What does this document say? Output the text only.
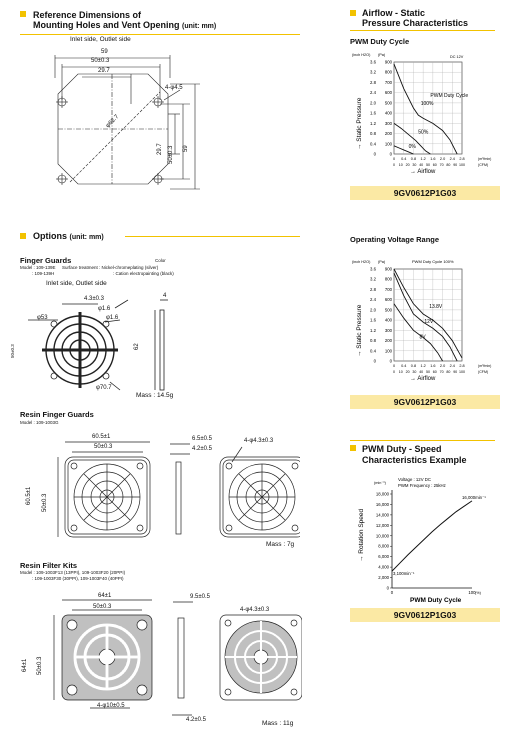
Reference Dimensions of
Mounting Holes and Vent Opening (unit: mm)
Inlet side, Outlet side
59
50±0.3
29.7
4-φ4.5
φ62.7
29.7 50±0.3 59
Options (unit: mm)
Finger Guards	Color
Model : 109-139E Surface treatment : Nickel-chromeplating (silver)
: 109-139H	: Cation electropainting (black)
Inlet side, Outlet side
4.3±0.3	4
φ1.6
φ53	φ1.6
50±0.3	62
φ70.7
Mass : 14.5g
Resin Finger Guards
Model : 109-1003G
60.5±1
50±0.3
60.5±1 50±0.3
6.5±0.5
4.2±0.5
4-φ4.3±0.3
Mass : 7g
Resin Filter Kits
Model : 109-1003F13 (13PPI), 109-1003F20 (20PPI)
: 109-1003F30 (30PPI), 109-1003F40 (40PPI)
64±1
50±0.3
64±1 50±0.3
9.5±0.5
4-φ4.3±0.3
4-φ10±0.5
4.2±0.5	Mass : 11g
Airflow - Static
Pressure Characteristics
PWM Duty Cycle
(inch H2O) (Pa)	DC 12V
3.6 900
3.2 800
2.8 700
2.4 600
2.0 500
1.6 400
1.2 300
0.8 200
0.4 100
0	0
0 0.4 0.8 1.2 1.6 2.0 2.4 2.8
0 10 20 30 40 50 60 70 80 90 100
(m³/min)
(CFM)
→ Airflow
→ Static Pressure
PWM Duty Cycle
100%
50%
0%
9GV0612P1G03
Operating Voltage Range
(inch H2O) (Pa)	PWM Duty Cycle 100%
3.6 900
3.2 800
2.8 700
2.4 600
2.0 500
1.6 400
1.2 300
0.8 200
0.4 100
0	0
0 0.4 0.8 1.2 1.6 2.0 2.4 2.8
0 10 20 30 40 50 60 70 80 90 100
(m³/min)
(CFM)
→ Airflow
→ Static Pressure	13.8V
12V
8V
9GV0612P1G03
PWM Duty - Speed
Characteristics Example
(min⁻¹)
Voltage : 12V DC
PWM Frequency : 25kHz
18,000
16,000
14,000
12,000
10,000
8,000
6,000
4,000
2,000
0
0	100 (%)
PWM Duty Cycle
→ Rotation Speed
16,000min⁻¹
3,100min⁻¹
9GV0612P1G03
